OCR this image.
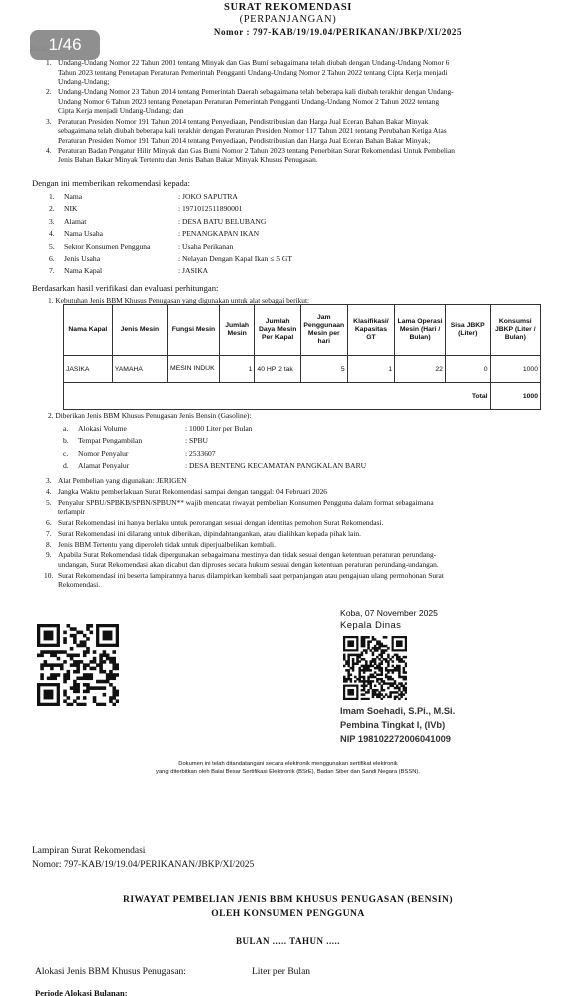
SURAT REKOMENDASI
(PERPANJANGAN)
Nomor : 797-KAB/19/19.04/PERIKANAN/JBKP/XI/2025
1/46
1. Undang-Undang Nomor 22 Tahun 2001 tentang Minyak dan Gas Bumi sebagaimana telah diubah dengan Undang-Undang Nomor 6
Tahun 2023 tentang Penetapan Peraturan Pemerintah Pengganti Undang-Undang Nomor 2 Tahun 2022 tentang Cipta Kerja menjadi
Undang-Undang;
2. Undang-Undang Nomor 23 Tahun 2014 tentang Pemerintah Daerah sebagaimana telah beberapa kali diubah terakhir dengan Undang-
Undang Nomor 6 Tahun 2023 tentang Penetapan Peraturan Pemerintah Pengganti Undang-Undang Nomor 2 Tahun 2022 tentang
Cipta Kerja menjadi Undang-Undang; dan
3. Peraturan Presiden Nomor 191 Tahun 2014 tentang Penyediaan, Pendistribusian dan Harga Jual Eceran Bahan Bakar Minyak
sebagaimana telah diubah beberapa kali terakhir dengan Peraturan Presiden Nomor 117 Tahun 2021 tentang Perubahan Ketiga Atas
Peraturan Presiden Nomor 191 Tahun 2014 tentang Penyediaan, Pendistribusian dan Harga Jual Eceran Bahan Bakar Minyak;
4. Peraturan Badan Pengatur Hilir Minyak dan Gas Bumi Nomor 2 Tahun 2023 tentang Penerbitan Surat Rekomendasi Untuk Pembelian
Jenis Bahan Bakar Minyak Tertentu dan Jenis Bahan Bakar Minyak Khusus Penugasan.
Dengan ini memberikan rekomendasi kepada:
1. Nama	: JOKO SAPUTRA
2. NIK	: 1971012511890001
3. Alamat	: DESA BATU BELUBANG
4. Nama Usaha	: PENANGKAPAN IKAN
5. Sektor Konsumen Pengguna	: Usaha Perikanan
6. Jenis Usaha	: Nelayan Dengan Kapal Ikan ≤ 5 GT
7. Nama Kapal	: JASIKA
Berdasarkan hasil verifikasi dan evaluasi perhitungan:
1. Kebutuhan Jenis BBM Khusus Penugasan yang digunakan untuk alat sebagai berikut:
Nama Kapal	Jenis Mesin	Fungsi Mesin	Jumlah Mesin	Jumlah Daya Mesin Per Kapal	Jam Penggunaan Mesin per hari	Klasifikasi/ Kapasitas GT	Lama Operasi Mesin (Hari / Bulan)	Sisa JBKP (Liter)	Konsumsi JBKP (Liter / Bulan)
JASIKA	YAMAHA	MESIN INDUK	1	40 HP 2 tak	5	1	22	0	1000
								Total	1000
2. Diberikan Jenis BBM Khusus Penugasan Jenis Bensin (Gasoline):
a. Alokasi Volume	: 1000 Liter per Bulan
b. Tempat Pengambilan	: SPBU
c. Nomor Penyalur	: 2533607
d. Alamat Penyalur	: DESA BENTENG KECAMATAN PANGKALAN BARU
3. Alat Pembelian yang digunakan: JERIGEN
4. Jangka Waktu pemberlakuan Surat Rekomendasi sampai dengan tanggal: 04 Februari 2026
5. Penyalur SPBU/SPBKB/SPBN/SPBUN** wajib mencatat riwayat pembelian Konsumen Pengguna dalam format sebagaimana
terlampir
6. Surat Rekomendasi ini hanya berlaku untuk perorangan sesuai dengan identitas pemohon Surat Rekomendasi.
7. Surat Rekomendasi ini dilarang untuk diberikan, dipindahtangankan, atau dialihkan kepada pihak lain.
8. Jenis BBM Tertentu yang diperoleh tidak untuk diperjualbelikan kembali.
9. Apabila Surat Rekomendasi tidak dipergunakan sebagaimana mestinya dan tidak sesuai dengan ketentuan peraturan perundang-
undangan, Surat Rekomendasi akan dicabut dan diproses secara hukum sesuai dengan ketentuan peraturan perundang-undangan.
10. Surat Rekomendasi ini beserta lampirannya harus dilampirkan kembali saat perpanjangan atau pengajuan ulang permohonan Surat
Rekomendasi.
Koba, 07 November 2025
Kepala Dinas
Imam Soehadi, S.Pi., M.Si.
Pembina Tingkat I, (IVb)
NIP 198102272006041009
Dokumen ini telah ditandatangani secara elektronik menggunakan sertifikat elektronik
yang diterbitkan oleh Balai Besar Sertifikasi Elektronik (BSrE), Badan Siber dan Sandi Negara (BSSN).
Lampiran Surat Rekomendasi
Nomor: 797-KAB/19/19.04/PERIKANAN/JBKP/XI/2025
RIWAYAT PEMBELIAN JENIS BBM KHUSUS PENUGASAN (BENSIN)
OLEH KONSUMEN PENGGUNA
BULAN ..... TAHUN .....
Alokasi Jenis BBM Khusus Penugasan:	Liter per Bulan
Periode Alokasi Bulanan:
